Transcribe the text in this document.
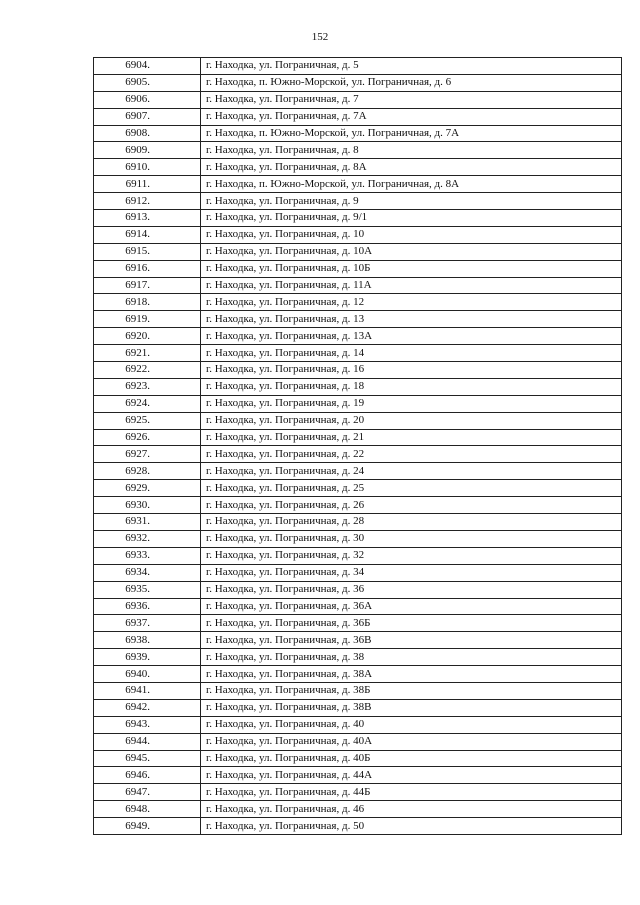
152
6904.	г. Находка, ул. Пограничная, д. 5
6905.	г. Находка, п. Южно-Морской, ул. Пограничная, д. 6
6906.	г. Находка, ул. Пограничная, д. 7
6907.	г. Находка, ул. Пограничная, д. 7А
6908.	г. Находка, п. Южно-Морской, ул. Пограничная, д. 7А
6909.	г. Находка, ул. Пограничная, д. 8
6910.	г. Находка, ул. Пограничная, д. 8А
6911.	г. Находка, п. Южно-Морской, ул. Пограничная, д. 8А
6912.	г. Находка, ул. Пограничная, д. 9
6913.	г. Находка, ул. Пограничная, д. 9/1
6914.	г. Находка, ул. Пограничная, д. 10
6915.	г. Находка, ул. Пограничная, д. 10А
6916.	г. Находка, ул. Пограничная, д. 10Б
6917.	г. Находка, ул. Пограничная, д. 11А
6918.	г. Находка, ул. Пограничная, д. 12
6919.	г. Находка, ул. Пограничная, д. 13
6920.	г. Находка, ул. Пограничная, д. 13А
6921.	г. Находка, ул. Пограничная, д. 14
6922.	г. Находка, ул. Пограничная, д. 16
6923.	г. Находка, ул. Пограничная, д. 18
6924.	г. Находка, ул. Пограничная, д. 19
6925.	г. Находка, ул. Пограничная, д. 20
6926.	г. Находка, ул. Пограничная, д. 21
6927.	г. Находка, ул. Пограничная, д. 22
6928.	г. Находка, ул. Пограничная, д. 24
6929.	г. Находка, ул. Пограничная, д. 25
6930.	г. Находка, ул. Пограничная, д. 26
6931.	г. Находка, ул. Пограничная, д. 28
6932.	г. Находка, ул. Пограничная, д. 30
6933.	г. Находка, ул. Пограничная, д. 32
6934.	г. Находка, ул. Пограничная, д. 34
6935.	г. Находка, ул. Пограничная, д. 36
6936.	г. Находка, ул. Пограничная, д. 36А
6937.	г. Находка, ул. Пограничная, д. 36Б
6938.	г. Находка, ул. Пограничная, д. 36В
6939.	г. Находка, ул. Пограничная, д. 38
6940.	г. Находка, ул. Пограничная, д. 38А
6941.	г. Находка, ул. Пограничная, д. 38Б
6942.	г. Находка, ул. Пограничная, д. 38В
6943.	г. Находка, ул. Пограничная, д. 40
6944.	г. Находка, ул. Пограничная, д. 40А
6945.	г. Находка, ул. Пограничная, д. 40Б
6946.	г. Находка, ул. Пограничная, д. 44А
6947.	г. Находка, ул. Пограничная, д. 44Б
6948.	г. Находка, ул. Пограничная, д. 46
6949.	г. Находка, ул. Пограничная, д. 50
